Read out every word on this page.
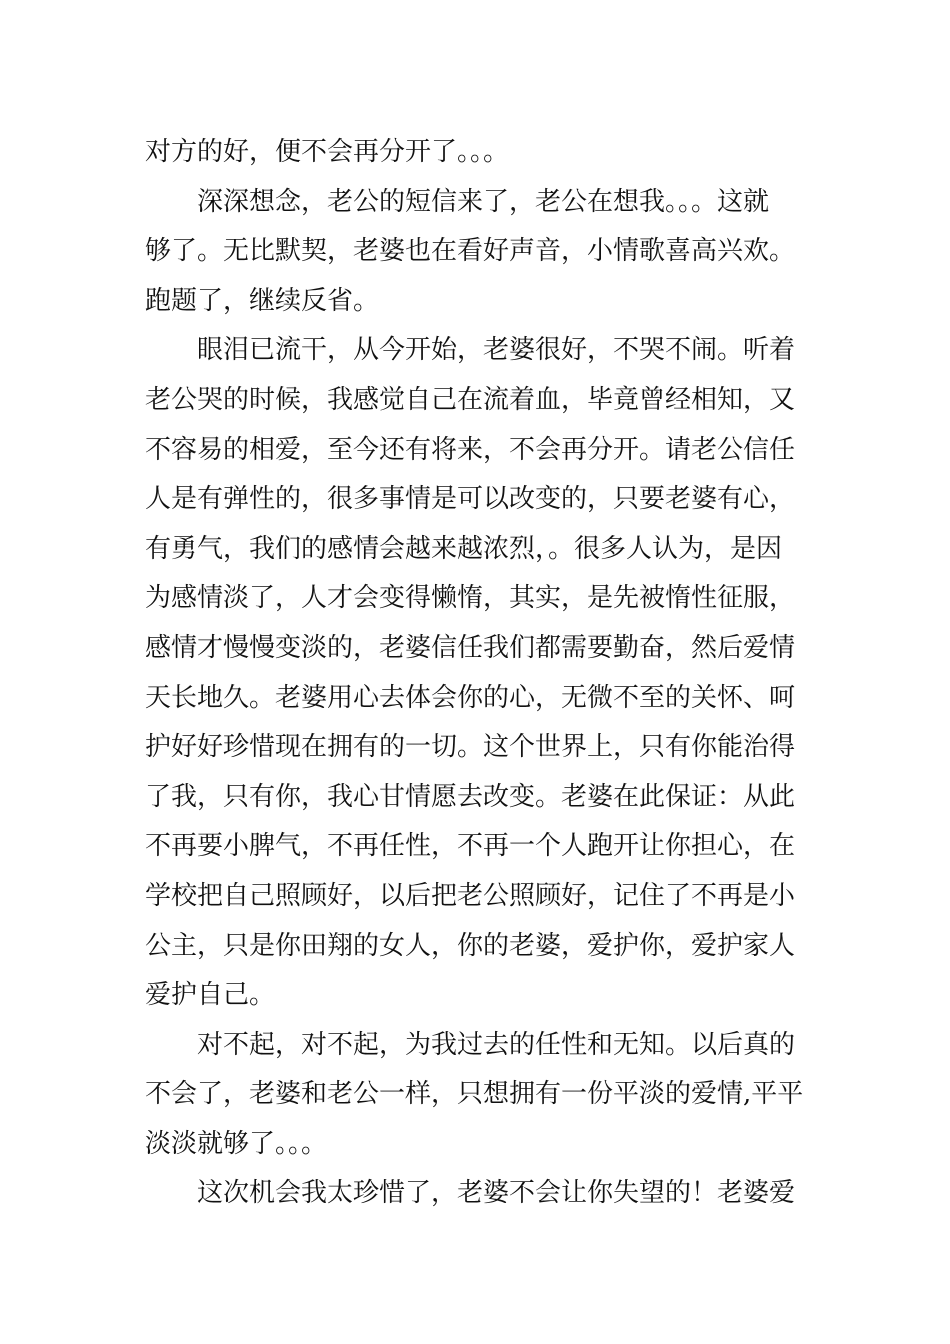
对方的好，便不会再分开了。。。
深深想念，老公的短信来了，老公在想我。。。这就
够了。无比默契，老婆也在看好声音，小情歌喜高兴欢。
跑题了，继续反省。
眼泪已流干，从今开始，老婆很好，不哭不闹。听着
老公哭的时候，我感觉自己在流着血，毕竟曾经相知，又
不容易的相爱，至今还有将来，不会再分开。请老公信任
人是有弹性的，很多事情是可以改变的，只要老婆有心，
有勇气，我们的感情会越来越浓烈，。很多人认为，是因
为感情淡了，人才会变得懒惰，其实，是先被惰性征服，
感情才慢慢变淡的，老婆信任我们都需要勤奋，然后爱情
天长地久。老婆用心去体会你的心，无微不至的关怀、呵
护好好珍惜现在拥有的一切。这个世界上，只有你能治得
了我，只有你，我心甘情愿去改变。老婆在此保证：从此
不再要小脾气，不再任性，不再一个人跑开让你担心，在
学校把自己照顾好，以后把老公照顾好，记住了不再是小
公主，只是你田翔的女人，你的老婆，爱护你，爱护家人
爱护自己。
对不起，对不起，为我过去的任性和无知。以后真的
不会了，老婆和老公一样，只想拥有一份平淡的爱情,平平
淡淡就够了。。。
这次机会我太珍惜了，老婆不会让你失望的！老婆爱
